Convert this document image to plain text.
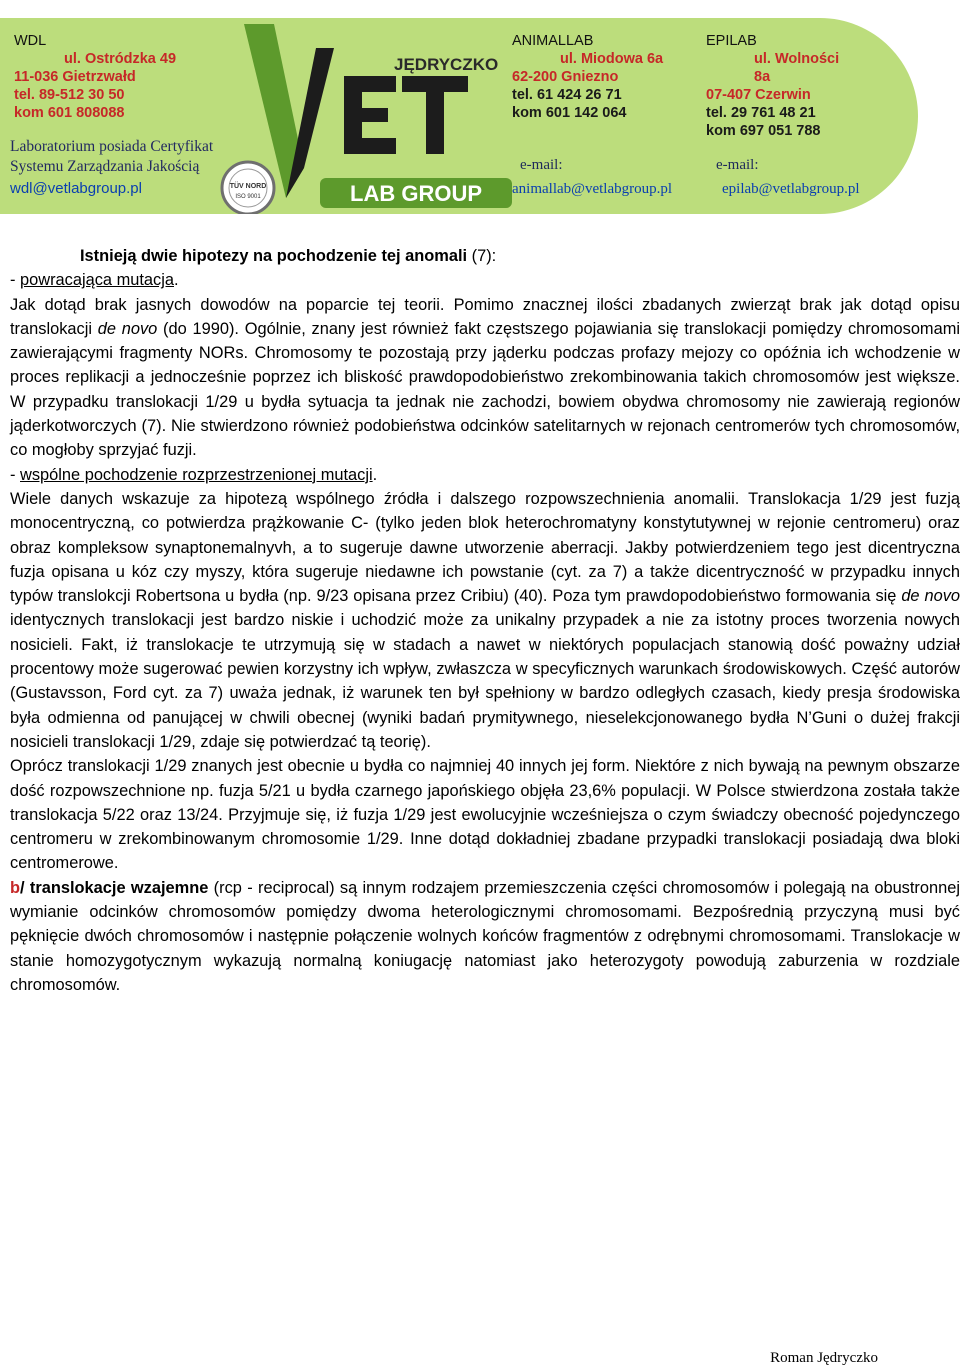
WDL
ul. Ostródzka 49
11-036 Gietrzwałd
tel. 89-512 30 50
kom 601 808088
Laboratorium posiada Certyfikat
Systemu Zarządzania Jakością
wdl@vetlabgroup.pl
JĘDRYCZKO
LAB GROUP
TÜV NORD
ISO 9001
ANIMALLAB
ul. Miodowa 6a
62-200 Gniezno
tel. 61 424 26 71
kom 601 142 064
e-mail:
animallab@vetlabgroup.pl
EPILAB
ul. Wolności
8a
07-407 Czerwin
tel. 29 761 48 21
kom 697 051 788
e-mail:
epilab@vetlabgroup.pl

Istnieją dwie hipotezy na pochodzenie tej anomali (7):

- powracająca mutacja.

Jak dotąd brak jasnych dowodów na poparcie tej teorii. Pomimo znacznej ilości zbadanych zwierząt brak jak dotąd opisu translokacji de novo (do 1990). Ogólnie, znany jest również fakt częstszego pojawiania się translokacji pomiędzy chromosomami zawierającymi fragmenty NORs. Chromosomy te pozostają przy jąderku podczas profazy mejozy co opóźnia ich wchodzenie w proces replikacji a jednocześnie poprzez ich bliskość prawdopodobieństwo zrekombinowania takich chromosomów jest większe. W przypadku translokacji 1/29 u bydła sytuacja ta jednak nie zachodzi, bowiem obydwa chromosomy nie zawierają regionów jąderkotworczych (7). Nie stwierdzono również podobieństwa odcinków satelitarnych w rejonach centromerów tych chromosomów, co mogłoby sprzyjać fuzji.

- wspólne pochodzenie rozprzestrzenionej mutacji.

Wiele danych wskazuje za hipotezą wspólnego źródła i dalszego rozpowszechnienia anomalii. Translokacja 1/29 jest fuzją monocentryczną, co potwierdza prążkowanie C- (tylko jeden blok heterochromatyny konstytutywnej w rejonie centromeru) oraz obraz kompleksow synaptonemalnyvh, a to sugeruje dawne utworzenie aberracji. Jakby potwierdzeniem tego jest dicentryczna fuzja opisana u kóz czy myszy, która sugeruje niedawne ich powstanie (cyt. za 7) a także dicentryczność w przypadku innych typów translokcji Robertsona u bydła (np. 9/23 opisana przez Cribiu) (40). Poza tym prawdopodobieństwo formowania się de novo identycznych translokacji jest bardzo niskie i uchodzić może za unikalny przypadek a nie za istotny proces tworzenia nowych nosicieli. Fakt, iż translokacje te utrzymują się w stadach a nawet w niektórych populacjach stanowią dość poważny udział procentowy może sugerować pewien korzystny ich wpływ, zwłaszcza w specyficznych warunkach środowiskowych. Część autorów (Gustavsson, Ford cyt. za 7) uważa jednak, iż warunek ten był spełniony w bardzo odległych czasach, kiedy presja środowiska była odmienna od panującej w chwili obecnej (wyniki badań prymitywnego, nieselekcjonowanego bydła N’Guni o dużej frakcji nosicieli translokacji 1/29, zdaje się potwierdzać tą teorię).

Oprócz translokacji 1/29 znanych jest obecnie u bydła co najmniej 40 innych jej form. Niektóre z nich bywają na pewnym obszarze dość rozpowszechnione np. fuzja 5/21 u bydła czarnego japońskiego objęła 23,6% populacji. W Polsce stwierdzona została także translokacja 5/22 oraz 13/24. Przyjmuje się, iż fuzja 1/29 jest ewolucyjnie wcześniejsza o czym świadczy obecność pojedynczego centromeru w zrekombinowanym chromosomie 1/29. Inne dotąd dokładniej zbadane przypadki translokacji posiadają dwa bloki centromerowe.

b/ translokacje wzajemne (rcp - reciprocal) są innym rodzajem przemieszczenia części chromosomów i polegają na obustronnej wymianie odcinków chromosomów pomiędzy dwoma heterologicznymi chromosomami. Bezpośrednią przyczyną musi być pęknięcie dwóch chromosomów i następnie połączenie wolnych końców fragmentów z odrębnymi chromosomami. Translokacje w stanie homozygotycznym wykazują normalną koniugację natomiast jako heterozygoty powodują zaburzenia w rozdziale chromosomów.

Roman Jędryczko
